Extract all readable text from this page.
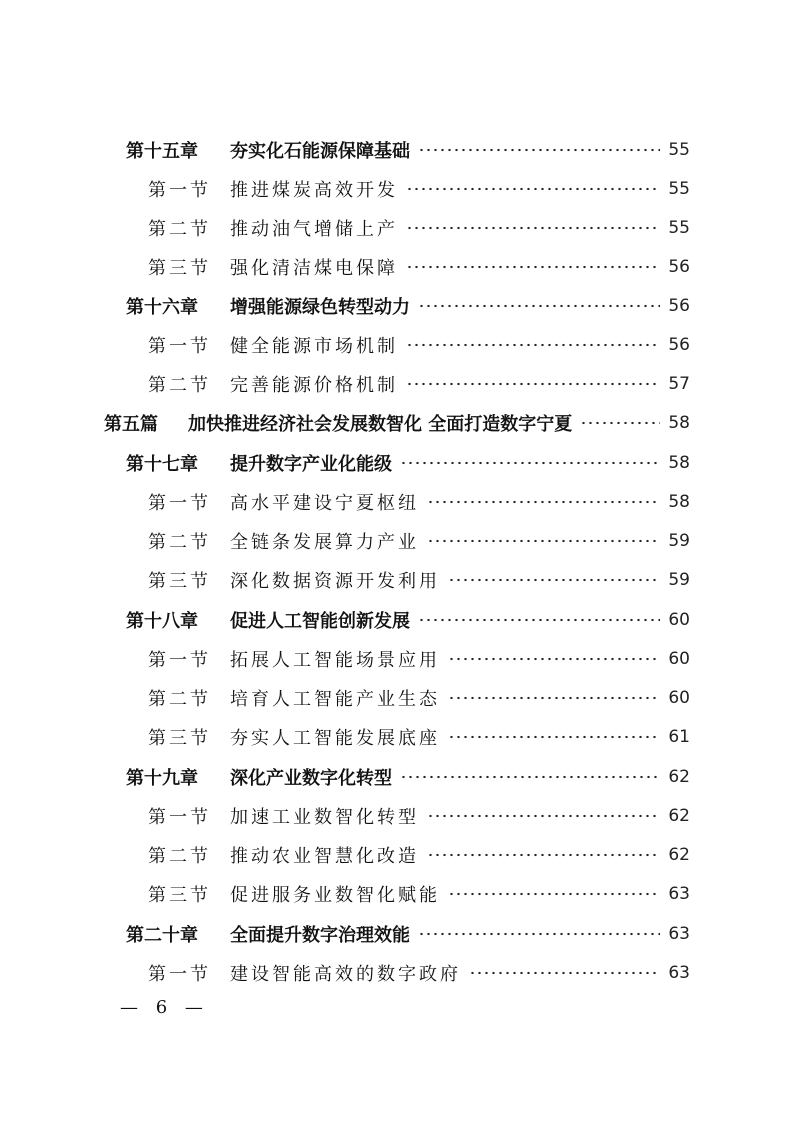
第十五章	夯实化石能源保障基础	55
第一节	推进煤炭高效开发	55
第二节	推动油气增储上产	55
第三节	强化清洁煤电保障	56
第十六章	增强能源绿色转型动力	56
第一节	健全能源市场机制	56
第二节	完善能源价格机制	57
第五篇	加快推进经济社会发展数智化 全面打造数字宁夏	58
第十七章	提升数字产业化能级	58
第一节	高水平建设宁夏枢纽	58
第二节	全链条发展算力产业	59
第三节	深化数据资源开发利用	59
第十八章	促进人工智能创新发展	60
第一节	拓展人工智能场景应用	60
第二节	培育人工智能产业生态	60
第三节	夯实人工智能发展底座	61
第十九章	深化产业数字化转型	62
第一节	加速工业数智化转型	62
第二节	推动农业智慧化改造	62
第三节	促进服务业数智化赋能	63
第二十章	全面提升数字治理效能	63
第一节	建设智能高效的数字政府	63
— 6 —
